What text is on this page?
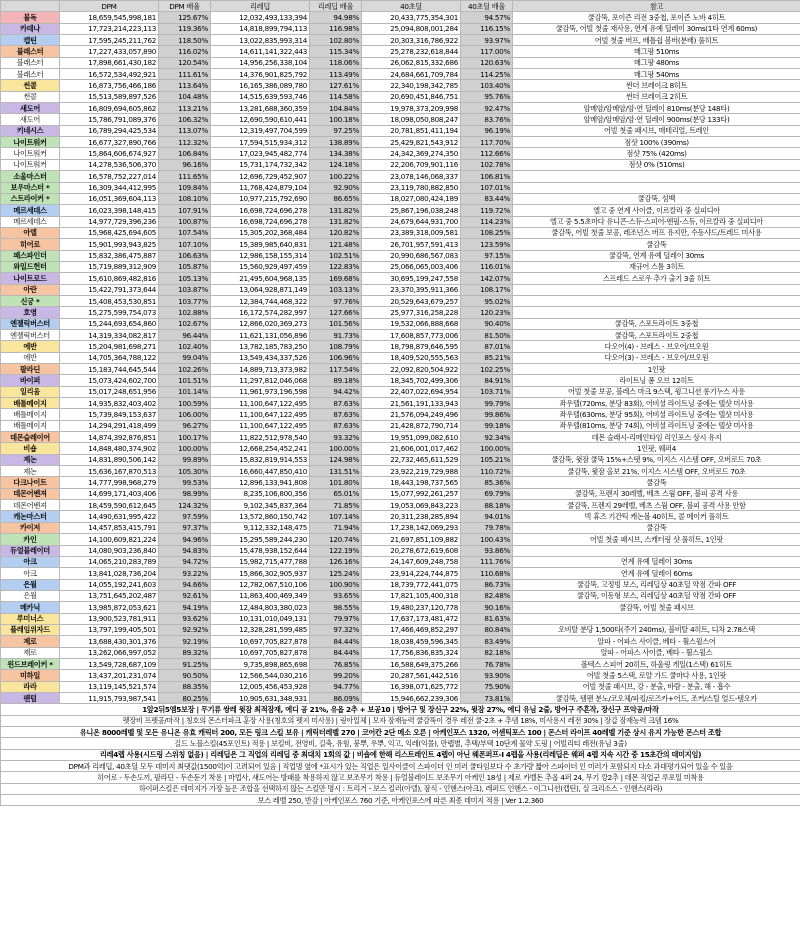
	DPM	DPM 배율	리레딥	리레딥 배율	40초딜	40초딜 배율	참고
불독	18,659,545,998,181	125.67%	12,032,493,133,394	94.98%	20,433,775,354,301	94.57%	쿨감뚝, 포이즌 리전 3중첩, 포이즌 노바 4히트
카데나	17,723,214,223,113	119.36%	14,818,899,794,113	116.98%	25,094,808,001,284	116.15%	쿨감뚝, 어빌 첫줄 재사용, 연계 유예 딜레이 30ms(1타 연계 60ms)
캡틴	17,595,245,211,762	118.50%	13,022,835,993,314	102.80%	20,303,316,786,922	93.97%	어빌 첫줄 버프, 배틀쉽 봄버(분배) 풀히트
블래스터	17,227,433,057,890	116.02%	14,611,141,322,443	115.34%	25,278,232,618,844	117.00%	매그팡 510ms
블래스터	17,898,661,430,182	120.54%	14,956,256,338,104	118.06%	26,062,815,332,686	120.63%	매그팡 480ms
블래스터	16,572,534,492,921	111.61%	14,376,901,825,792	113.49%	24,684,661,709,784	114.25%	매그팡 540ms
썬콜	16,873,756,466,186	113.64%	16,165,386,089,780	127.61%	22,340,198,342,785	103.40%	썬더 브레이크 8히트
썬콜	15,513,589,897,526	104.48%	14,515,639,593,746	114.58%	20,690,451,846,751	95.76%	썬더 브레이크 2히트
섀도어	16,809,694,605,862	113.21%	13,281,688,360,359	104.84%	19,978,373,209,998	92.47%	암메암/암메암/암·연 딜레이 810ms(분당 148타)
섀도어	15,786,791,089,376	106.32%	12,690,590,610,441	100.18%	18,098,050,808,247	83.76%	암메암/암메암/암·연 딜레이 900ms(분당 133타)
키네시스	16,789,294,425,534	113.07%	12,319,497,704,599	97.25%	20,781,851,411,194	96.19%	어빌 첫줄 패시브, 매테리얼, 트레인
나이트워커	16,677,327,890,766	112.32%	17,594,515,934,312	138.89%	25,429,821,543,912	117.70%	점샷 100% (390ms)
나이트워커	15,864,606,674,927	106.84%	17,023,945,482,774	134.38%	24,342,369,274,350	112.66%	점샷 75% (420ms)
나이트워커	14,278,536,506,370	96.16%	15,731,174,732,342	124.18%	22,206,709,901,116	102.78%	점샷 0% (510ms)
소울마스터	16,578,752,227,014	111.65%	12,696,729,452,907	100.22%	23,078,146,068,337	106.81%	
보우마스터 *	16,309,344,412,995	109.84%	11,768,424,879,104	92.90%	23,119,780,882,850	107.01%	
스트라이커 *	16,051,369,604,113	108.10%	10,977,215,792,690	86.65%	18,027,080,424,189	83.44%	쿨감뚝, 섬백
메르세데스	16,023,398,148,415	107.91%	16,698,724,696,278	131.82%	25,867,196,038,248	119.72%	엘고 중 연계 사이클, 이르칼라 중 실피디아
메르세데스	14,977,729,396,236	100.87%	16,698,724,696,278	131.82%	24,679,644,931,700	114.23%	엘고 중 5.5초마다 유니콘-스듀-스피어-엔필-스듀, 이르칼라 중 실피디아
아델	15,968,425,694,605	107.54%	15,305,202,368,484	120.82%	23,389,318,009,581	108.25%	쿨감뚝, 어빌 첫줄 보공, 레조넌스 버프 유지만, 수동샤드/트레드 미사용
히어로	15,901,993,943,825	107.10%	15,389,985,640,831	121.48%	26,701,957,591,413	123.59%	쿨감뚝
패스파인더	15,832,386,475,887	106.63%	12,986,158,155,314	102.51%	20,990,686,567,083	97.15%	쿨감뚝, 연계 유예 딜레이 30ms
와일드헌터	15,719,889,312,909	105.87%	15,560,929,497,459	122.83%	25,066,065,003,406	116.01%	재규어 스톰 3히트
나이트로드	15,610,869,482,816	105.13%	21,495,604,968,135	169.68%	30,695,199,247,558	142.07%	스프레드 스로우 추가 출기 3줄 히트
아란	15,422,791,373,644	103.87%	13,064,928,871,149	103.13%	23,370,395,911,366	108.17%	
신궁 *	15,408,453,530,851	103.77%	12,384,744,468,322	97.76%	20,529,643,679,257	95.02%	
호영	15,275,599,754,073	102.88%	16,172,574,282,997	127.66%	25,977,316,258,228	120.23%	
엔젤릭버스터	15,244,693,654,860	102.67%	12,866,020,369,273	101.56%	19,532,066,888,668	90.40%	쿨감뚝, 스포트라이트 3중첩
엔젤릭버스터	14,319,334,082,817	96.44%	11,621,131,056,896	91.73%	17,608,857,773,006	81.50%	쿨감뚝, 스포트라이트 2중첩
에반	15,204,981,698,271	102.40%	13,782,185,783,250	108.79%	18,798,879,646,595	87.01%	다오어(4) - 브레스 - 브오어/브오원
에반	14,705,364,788,122	99.04%	13,549,434,337,526	106.96%	18,409,520,555,563	85.21%	다오어(3) - 브레스 - 브오어/브오원
팔라딘	15,183,744,645,544	102.26%	14,889,713,373,982	117.54%	22,092,820,504,922	102.25%	1인팟
바이퍼	15,073,424,602,700	101.51%	11,297,812,046,068	89.18%	18,345,702,499,306	84.91%	라이트닝 폼 오브 12히트
일리움	15,017,248,651,956	101.14%	11,961,973,196,598	94.42%	22,407,022,694,954	103.71%	어빌 첫줄 보공, 블레스 마크 9스택, 윙그니션 롱기누스 사용
배틀메이지	14,935,832,403,402	100.59%	11,100,647,122,495	87.63%	21,561,191,133,943	99.79%	좌우텔(720ms, 분당 83회), 어비셜 라이트닝 중에는 텔샷 미사용
배틀메이지	15,739,849,153,637	106.00%	11,100,647,122,495	87.63%	21,576,094,249,496	99.86%	좌우텔(630ms, 분당 95회), 어비셜 라이트닝 중에는 텔샷 미사용
배틀메이지	14,294,291,418,499	96.27%	11,100,647,122,495	87.63%	21,428,872,790,714	99.18%	좌우텔(810ms, 분당 74회), 어비셜 라이트닝 중에는 텔샷 미사용
데몬슬레이어	14,874,392,876,851	100.17%	11,822,512,978,540	93.32%	19,951,099,082,610	92.34%	데몬 슬래시-리메인타임 리인포스 상시 유지
비숍	14,848,480,374,902	100.00%	12,668,254,452,241	100.00%	21,606,001,017,462	100.00%	1인팟, 웨퍼4
제논	14,831,890,506,142	99.89%	15,832,819,914,553	124.98%	22,732,465,611,529	105.21%	쿨감뚝, 윗잠 쿨뚝 15%+스탯 9%, 이지스 시스템 OFF, 오버로드 70초
제논	15,636,167,870,513	105.30%	16,660,447,850,410	131.51%	23,922,219,729,988	110.72%	쿨감뚝, 윗잠 올보 21%, 이지스 시스템 OFF, 오버로드 70초
다크나이트	14,777,998,968,279	99.53%	12,896,133,941,808	101.80%	18,443,198,737,565	85.36%	쿨감뚝
데몬어벤져	14,699,171,403,406	98.99%	8,235,106,800,356	65.01%	15,077,992,261,257	69.79%	쿨감뚝, 프렌지 30레벨, 베츠 스웜 OFF, 블피 공격 사용
데몬어벤져	18,459,590,612,645	124.32%	9,102,345,837,364	71.85%	19,053,069,843,223	88.18%	쿨감뚝, 프렌지 29레벨, 베츠 스웜 OFF, 블피 공격 사용 안함
캐논마스터	14,490,631,995,422	97.59%	13,572,860,150,742	107.14%	20,311,238,285,894	94.01%	빅 휴즈 기간틱 캐논볼 40히트, 콜 메이커 풀히트
카이저	14,457,853,415,791	97.37%	9,112,332,148,475	71.94%	17,238,142,069,293	79.78%	쿨감뚝
카인	14,100,609,821,224	94.96%	15,295,589,244,230	120.74%	21,697,851,109,882	100.43%	어빌 첫줄 패시브, 스캐터링 샷 풀히트, 1인팟
듀얼블레이더	14,080,903,236,840	94.83%	15,478,938,152,644	122.19%	20,278,672,619,608	93.86%	
아크	14,065,210,283,789	94.72%	15,982,715,477,788	126.16%	24,147,609,248,758	111.76%	연계 유예 딜레이 30ms
아크	13,841,028,736,204	93.22%	15,866,302,905,937	125.24%	23,914,224,744,875	110.68%	연계 유예 딜레이 60ms
은월	14,055,192,241,603	94.66%	12,782,067,510,106	100.90%	18,739,772,441,075	86.73%	쿨감뚝, 고정빙 보스, 리레딥상 40초딜 약점 간파 OFF
은월	13,751,645,202,487	92.61%	11,863,400,469,349	93.65%	17,821,105,400,318	82.48%	쿨감뚝, 이동형 보스, 리레딥상 40초딜 약점 간파 OFF
메카닉	13,985,872,053,621	94.19%	12,484,803,380,023	98.55%	19,480,237,120,778	90.16%	쿨감뚝, 어빌 첫줄 패시브
루미너스	13,900,523,781,911	93.62%	10,131,010,049,131	79.97%	17,637,173,481,472	81.63%	
플레임위자드	13,797,199,405,501	92.92%	12,328,281,599,485	97.32%	17,466,469,852,297	80.84%	오비탈 분당 1,500타(주기 240ms), 블비탈 4히트, 디차 2.78스택
제로	13,688,430,301,376	92.19%	10,697,705,827,878	84.44%	18,038,459,596,345	83.49%	알파 - 어파스 사이클, 베타 - 휠스윌스어
제로	13,262,066,997,052	89.32%	10,697,705,827,878	84.44%	17,756,836,835,324	82.18%	알파 - 어파스 사이클, 베타 - 휠스윌스
윈드브레이커 *	13,549,728,687,109	91.25%	9,735,898,865,698	76.85%	16,588,649,375,266	76.78%	볼텍스 스피어 20히트, 하울링 게일(1스택) 61히트
미하일	13,437,201,231,074	90.50%	12,566,544,030,216	99.20%	20,287,561,442,516	93.90%	어빌 첫줄 5스택, 로얄 가드 쿨마다 사용, 1인팟
라라	13,119,145,521,574	88.35%	12,005,456,453,928	94.77%	16,398,071,625,772	75.90%	어빌 첫줄 패시브, 강 - 분출, 바람 - 분출, 해 - 흡수
팬텀	11,915,793,987,541	80.25%	10,905,631,348,931	86.09%	15,946,662,239,306	73.81%	쿨감뚝, 템팬 분노/코오체/파킹/로즈카+어드, 조커/스틸 얼드-템오카
1앞2뒤5엠5보장 | 무기류 쌍레 윗잠 최적잠재, 에디 공 21%, 유옵 2추 + 보공10 | 방어구 및 장신구 22%, 윗잠 27%, 에디 유님 2줄, 방어구 주흔작, 장신구 프악공/마작							
펫장비 프펫공/마작 | 칭호의 몬스터파크 훈장 사용(칭호의 펫지 미사용) | 링아일체 | 모자 잠재능력 쿨감뚝이 경우 레전 쿨-2초 + 추뎀 18%, 미사용시 레전 30% | 장갑 잠재능력 크뎀 16%							
유니온 8000레벨 및 모든 유니온 유효 캐릭터 200, 모든 링크 스킬 보유 | 캐릭터레벨 270 | 코어칸 2단 메소 오른 | 아케인포스 1320, 어센틱포스 100 | 몬스터 라이프 40레벨 기준 상시 유지 가능한 몬스터 조합							
길드 노블스킬(45포인트) 적용 | 보킬비, 전영비, 길축, 유힘, 붕뿌, 우뿌, 익고, 익레(익몰), 만렙별, 추택/부택 10단계 물약 도핑 | 어빌리티 레전(유님 3줄)							
리레4렙 사용(시드링 스위칭 없음) | 리레딥은 그 직업의 리레딥 중 최대치 1회의 값 | 비숍에 한해 리스트레인트 4렙이 아닌 웨폰퍼프-I 4렙을 사용(리레딥은 웨퍼 4렙 지속 시간 중 15초간의 데미지임)							
DPM과 리레딥, 40초딜 모두 데미지 최댓값(1500억)이 고려되어 있음 | 직업명 옆에 *표시가 있는 직업은 일사이클이 스파이더 인 미러 쿨타임보다 수 초가량 짧아 스파이더 인 미러가 포함되지 다소 과대평가되어 있을 수 있음							
히어로 - 두손도끼, 팔라딘 - 두손둔기 착용 | 마법사, 섀도어는 방패를 착용하지 않고 보조무기 착용 | 듀얼블레이드 보조무기 아케인 18성 | 제로 카벨돈 추옵 4퍼 24, 무기 깡2추 | 데몬 직업군 루포일 미착용							
하이퍼스킬은 데미지가 가장 높은 조합을 선택하지 않는 스킬만 명시 : 트리거 - 보스 킬러(아델), 잠식 - 인핸스(아크), 레퍼드 인핸스 - 이그니션(캡틴), 실 크리소스 - 인핸스(라라)							
보스 레벨 250, 반감 | 아케인포스 760 기준, 아케인포스에 따른 최종 데미지 적용 | Ver 1.2.360							
